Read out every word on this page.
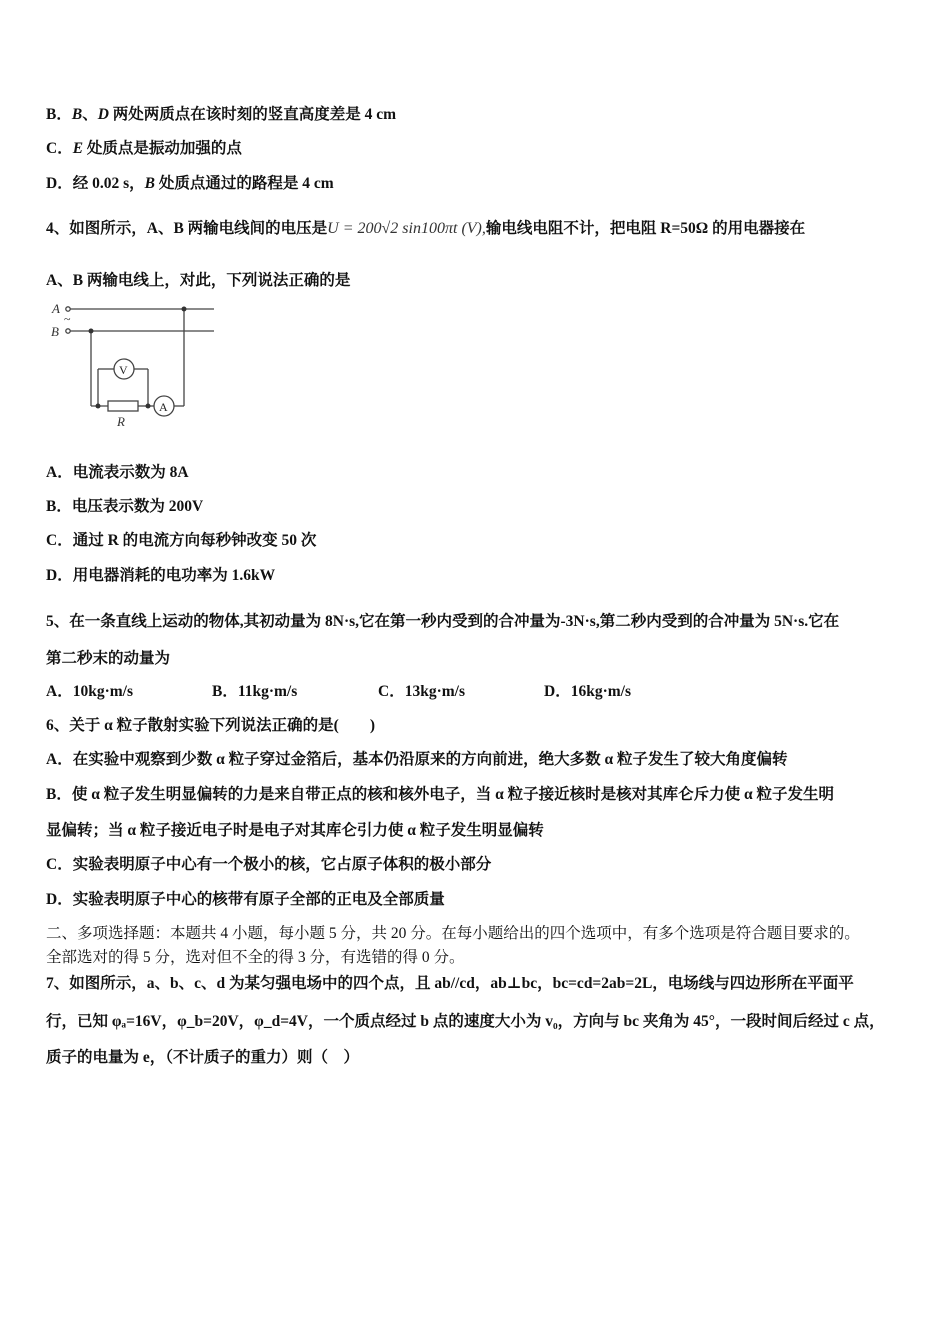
B．B、D 两处两质点在该时刻的竖直高度差是 4 cm
C．E 处质点是振动加强的点
D．经 0.02 s，B 处质点通过的路程是 4 cm
4、如图所示，A、B 两输电线间的电压是U = 200√2 sin100πt (V),输电线电阻不计，把电阻 R=50Ω 的用电器接在
A、B 两输电线上，对此，下列说法正确的是
A
B
~
V
A
R
A．电流表示数为 8A
B．电压表示数为 200V
C．通过 R 的电流方向每秒钟改变 50 次
D．用电器消耗的电功率为 1.6kW
5、在一条直线上运动的物体,其初动量为 8N·s,它在第一秒内受到的合冲量为-3N·s,第二秒内受到的合冲量为 5N·s.它在
第二秒末的动量为
A．10kg·m/s	B．11kg·m/s	C．13kg·m/s	D．16kg·m/s
6、关于 α 粒子散射实验下列说法正确的是(　　)
A．在实验中观察到少数 α 粒子穿过金箔后，基本仍沿原来的方向前进，绝大多数 α 粒子发生了较大角度偏转
B．使 α 粒子发生明显偏转的力是来自带正点的核和核外电子，当 α 粒子接近核时是核对其库仑斥力使 α 粒子发生明
显偏转；当 α 粒子接近电子时是电子对其库仑引力使 α 粒子发生明显偏转
C．实验表明原子中心有一个极小的核，它占原子体积的极小部分
D．实验表明原子中心的核带有原子全部的正电及全部质量
二、多项选择题：本题共 4 小题，每小题 5 分，共 20 分。在每小题给出的四个选项中，有多个选项是符合题目要求的。
全部选对的得 5 分，选对但不全的得 3 分，有选错的得 0 分。
7、如图所示，a、b、c、d 为某匀强电场中的四个点，且 ab//cd，ab⊥bc，bc=cd=2ab=2L，电场线与四边形所在平面平
行，已知 φₐ=16V，φ_b=20V，φ_d=4V，一个质点经过 b 点的速度大小为 v₀，方向与 bc 夹角为 45°，一段时间后经过 c 点，
质子的电量为 e，（不计质子的重力）则（　）
